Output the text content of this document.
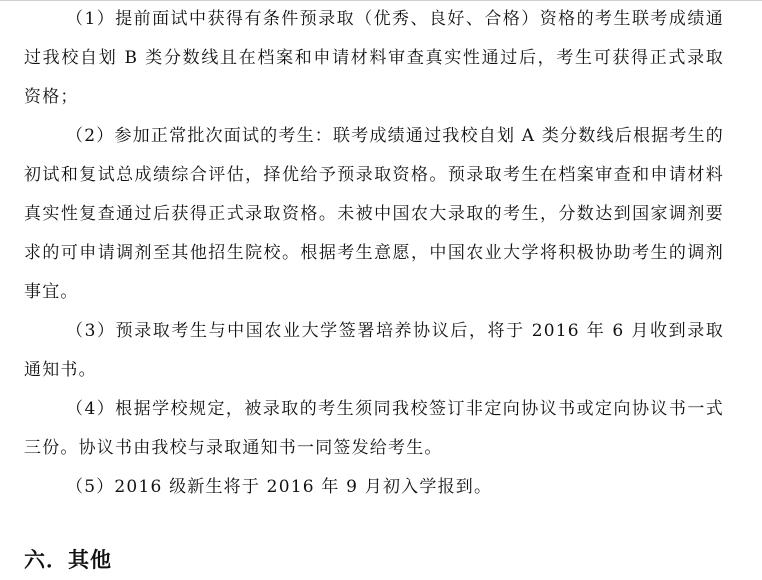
（1）提前面试中获得有条件预录取（优秀、良好、合格）资格的考生联考成绩通过我校自划 B 类分数线且在档案和申请材料审查真实性通过后，考生可获得正式录取资格；

（2）参加正常批次面试的考生：联考成绩通过我校自划 A 类分数线后根据考生的初试和复试总成绩综合评估，择优给予预录取资格。预录取考生在档案审查和申请材料真实性复查通过后获得正式录取资格。未被中国农大录取的考生，分数达到国家调剂要求的可申请调剂至其他招生院校。根据考生意愿，中国农业大学将积极协助考生的调剂事宜。

（3）预录取考生与中国农业大学签署培养协议后，将于 2016 年 6 月收到录取通知书。

（4）根据学校规定，被录取的考生须同我校签订非定向协议书或定向协议书一式三份。协议书由我校与录取通知书一同签发给考生。

（5）2016 级新生将于 2016 年 9 月初入学报到。

六．其他
